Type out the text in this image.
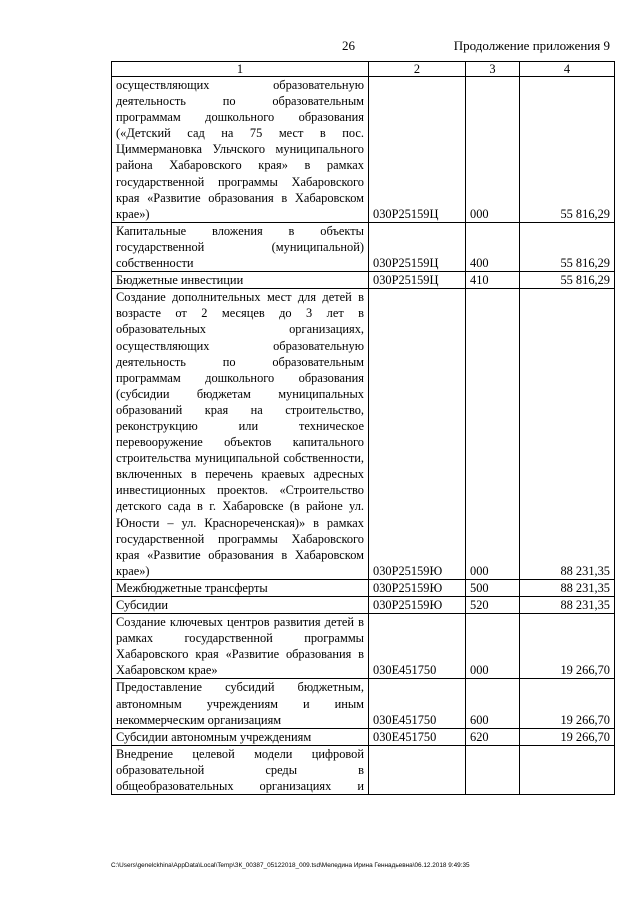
26	Продолжение приложения 9
1	2	3	4
осуществляющих образовательную деятельность по образовательным программам дошкольного образования («Детский сад на 75 мест в пос. Циммермановка Ульчского муниципального района Хабаровского края» в рамках государственной программы Хабаровского края «Развитие образования в Хабаровском крае»)	030P25159Ц	000	55 816,29
Капитальные вложения в объекты государственной (муниципальной) собственности	030P25159Ц	400	55 816,29
Бюджетные инвестиции	030P25159Ц	410	55 816,29
Создание дополнительных мест для детей в возрасте от 2 месяцев до 3 лет в образовательных организациях, осуществляющих образовательную деятельность по образовательным программам дошкольного образования (субсидии бюджетам муниципальных образований края на строительство, реконструкцию или техническое перевооружение объектов капитального строительства муниципальной собственности, включенных в перечень краевых адресных инвестиционных проектов. «Строительство детского сада в г. Хабаровске (в районе ул. Юности – ул. Краснореченская)» в рамках государственной программы Хабаровского края «Развитие образования в Хабаровском крае»)	030P25159Ю	000	88 231,35
Межбюджетные трансферты	030P25159Ю	500	88 231,35
Субсидии	030P25159Ю	520	88 231,35
Создание ключевых центров развития детей в рамках государственной программы Хабаровского края «Развитие образования в Хабаровском крае»	030E451750	000	19 266,70
Предоставление субсидий бюджетным, автономным учреждениям и иным некоммерческим организациям	030E451750	600	19 266,70
Субсидии автономным учреждениям	030E451750	620	19 266,70
Внедрение целевой модели цифровой образовательной среды в общеобразовательных организациях и			
C:\Users\genelckhina\AppData\Local\Temp\ЗК_00387_05122018_009.tsd\Меледина Ирина Геннадьевна\06.12.2018 9:49:35
